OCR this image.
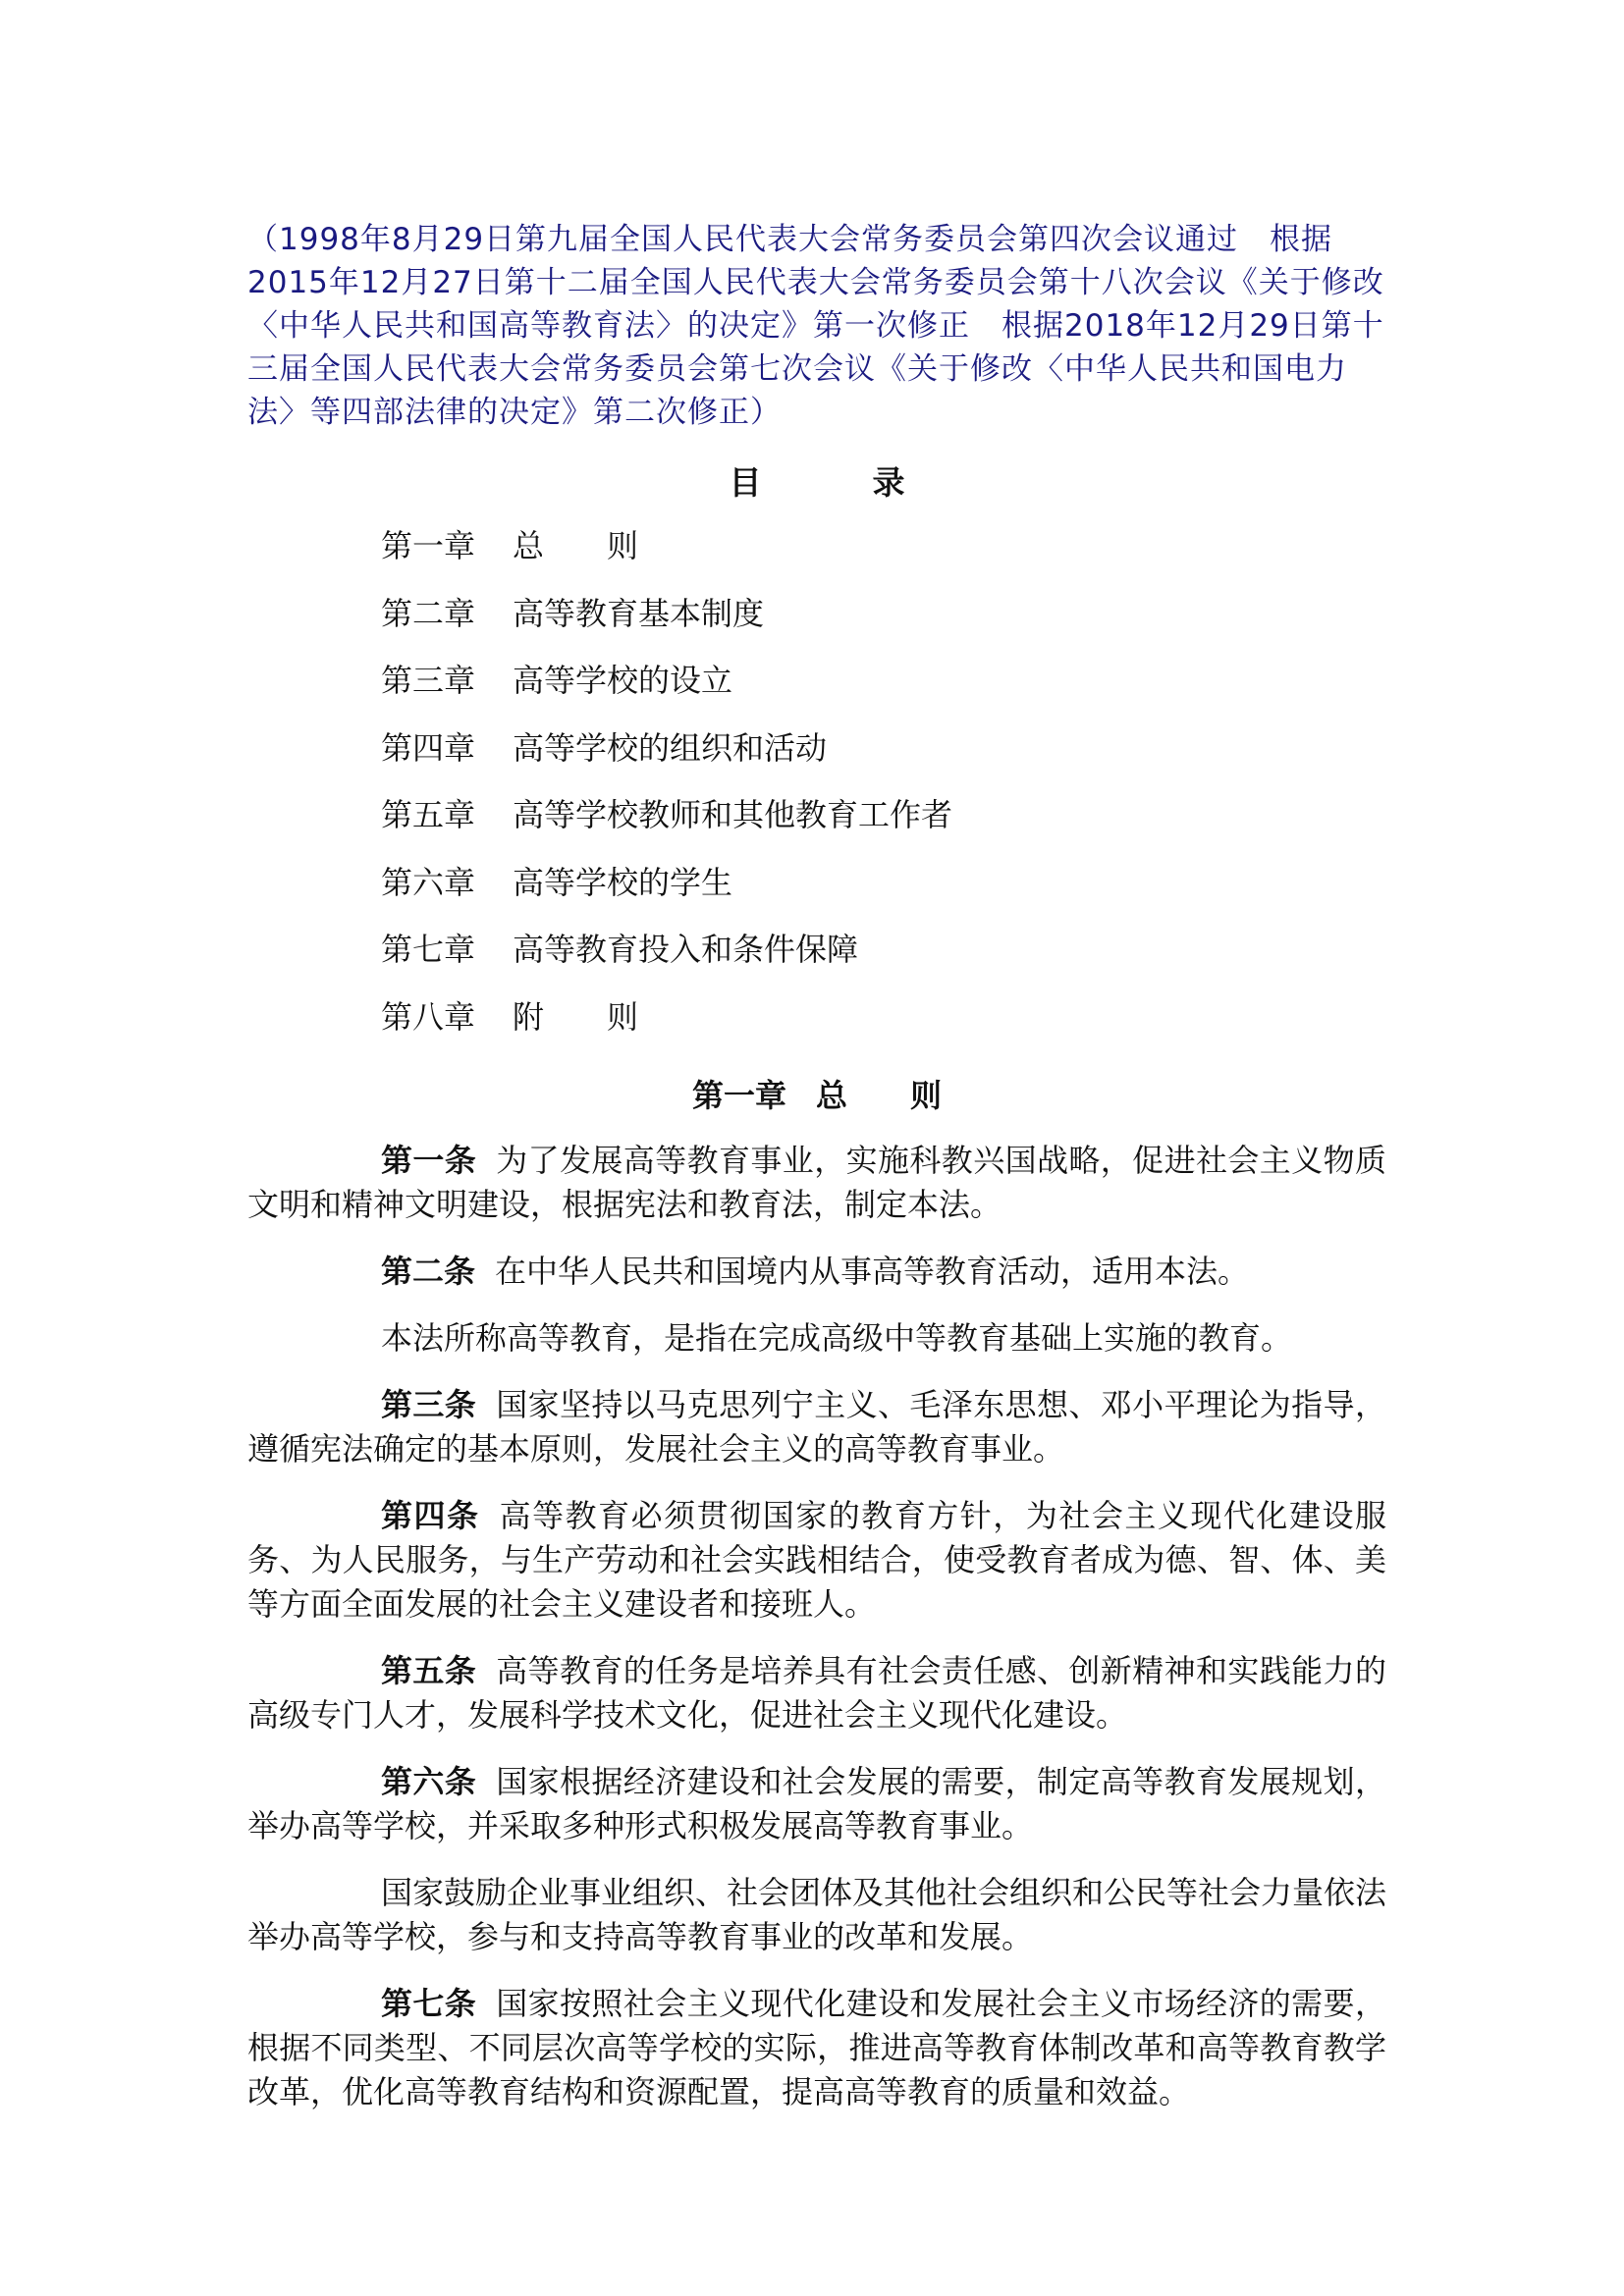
（1998年8月29日第九届全国人民代表大会常务委员会第四次会议通过　根据2015年12月27日第十二届全国人民代表大会常务委员会第十八次会议《关于修改〈中华人民共和国高等教育法〉的决定》第一次修正　根据2018年12月29日第十三届全国人民代表大会常务委员会第七次会议《关于修改〈中华人民共和国电力法〉等四部法律的决定》第二次修正）

目　录
第一章 总　　则
第二章 高等教育基本制度
第三章 高等学校的设立
第四章 高等学校的组织和活动
第五章 高等学校教师和其他教育工作者
第六章 高等学校的学生
第七章 高等教育投入和条件保障
第八章 附　　则
第一章 总　　则

第一条 为了发展高等教育事业，实施科教兴国战略，促进社会主义物质文明和精神文明建设，根据宪法和教育法，制定本法。

第二条 在中华人民共和国境内从事高等教育活动，适用本法。

本法所称高等教育，是指在完成高级中等教育基础上实施的教育。

第三条 国家坚持以马克思列宁主义、毛泽东思想、邓小平理论为指导，遵循宪法确定的基本原则，发展社会主义的高等教育事业。

第四条 高等教育必须贯彻国家的教育方针，为社会主义现代化建设服务、为人民服务，与生产劳动和社会实践相结合，使受教育者成为德、智、体、美等方面全面发展的社会主义建设者和接班人。

第五条 高等教育的任务是培养具有社会责任感、创新精神和实践能力的高级专门人才，发展科学技术文化，促进社会主义现代化建设。

第六条 国家根据经济建设和社会发展的需要，制定高等教育发展规划，举办高等学校，并采取多种形式积极发展高等教育事业。

国家鼓励企业事业组织、社会团体及其他社会组织和公民等社会力量依法举办高等学校，参与和支持高等教育事业的改革和发展。

第七条 国家按照社会主义现代化建设和发展社会主义市场经济的需要，根据不同类型、不同层次高等学校的实际，推进高等教育体制改革和高等教育教学改革，优化高等教育结构和资源配置，提高高等教育的质量和效益。
